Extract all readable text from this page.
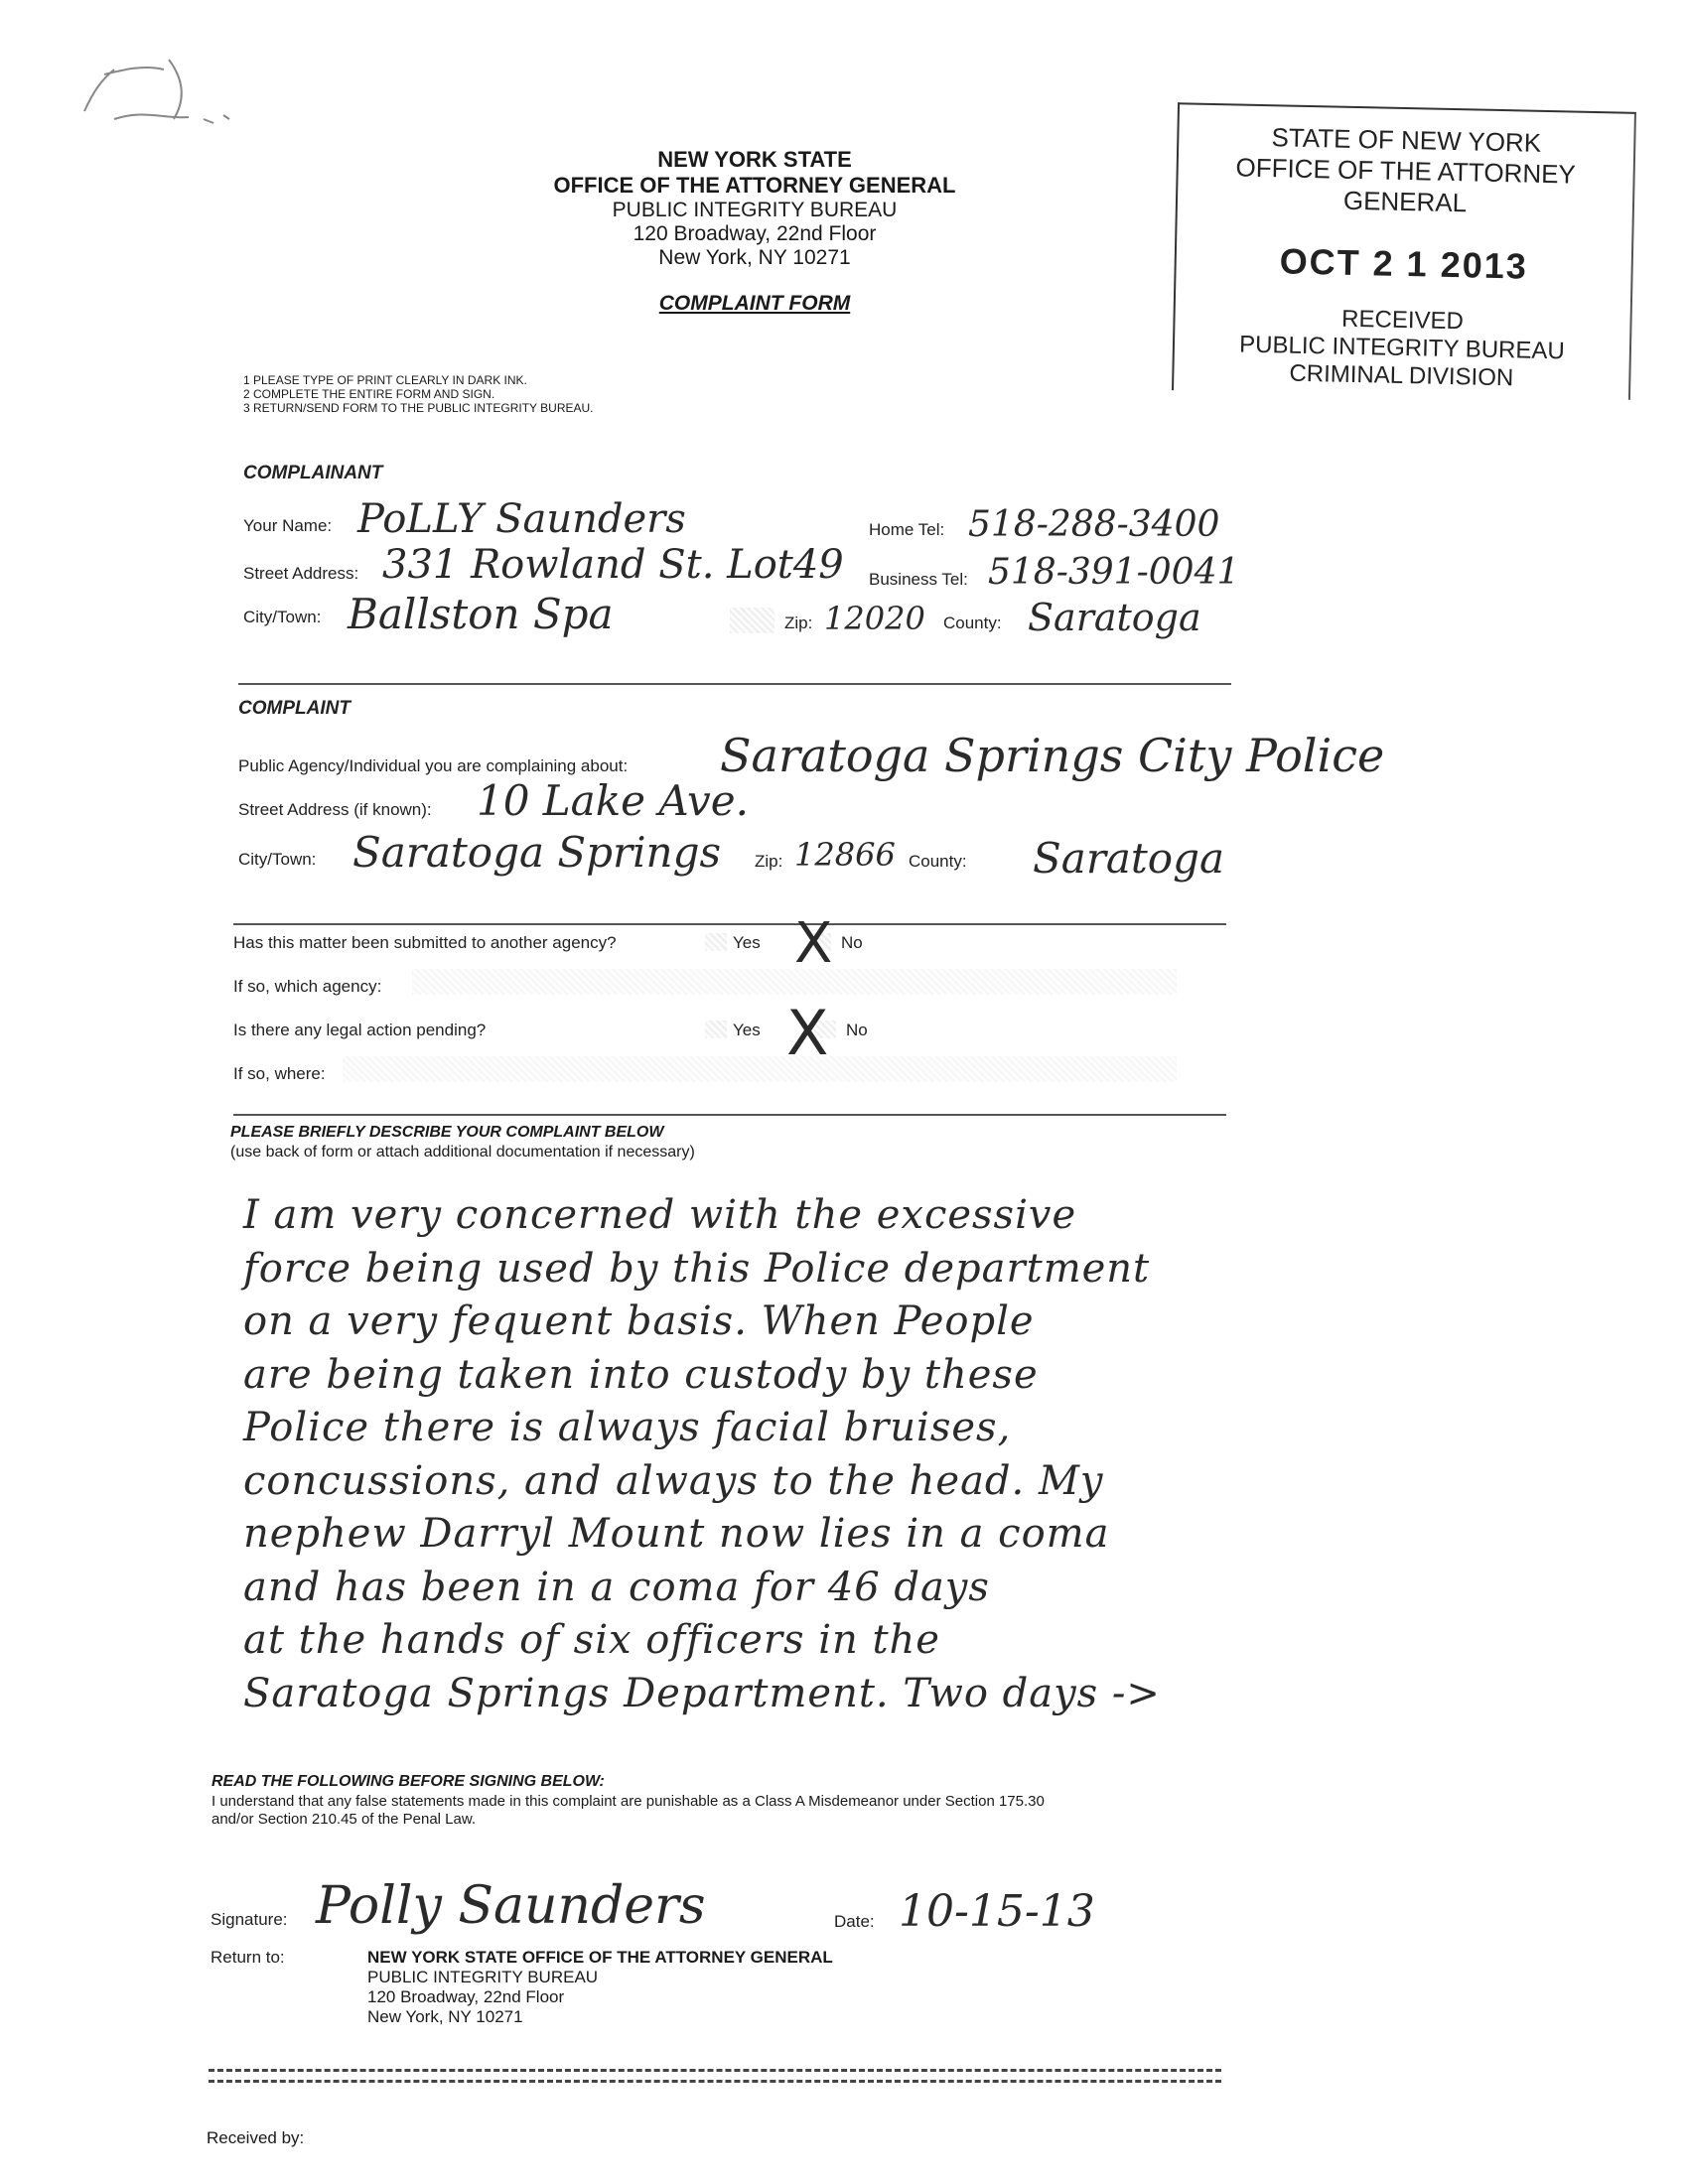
NEW YORK STATE
OFFICE OF THE ATTORNEY GENERAL
PUBLIC INTEGRITY BUREAU
120 Broadway, 22nd Floor
New York, NY 10271
COMPLAINT FORM
STATE OF NEW YORK
OFFICE OF THE ATTORNEY GENERAL
OCT 2 1 2013
RECEIVED
PUBLIC INTEGRITY BUREAU
CRIMINAL DIVISION
1 PLEASE TYPE OF PRINT CLEARLY IN DARK INK.
2 COMPLETE THE ENTIRE FORM AND SIGN.
3 RETURN/SEND FORM TO THE PUBLIC INTEGRITY BUREAU.
COMPLAINANT
Your Name: PoLLY Saunders	Home Tel: 518-288-3400
Street Address: 331 Rowland St. Lot49 Business Tel: 518-391-0041
City/Town: Ballston Spa	Zip: 12020 County: Saratoga
COMPLAINT
Public Agency/Individual you are complaining about: Saratoga Springs City Police
Street Address (if known): 10 Lake Ave.
City/Town: Saratoga Springs Zip: 12866 County: Saratoga
Has this matter been submitted to another agency?	Yes X No
If so, which agency:
Is there any legal action pending?	Yes X No
If so, where:
PLEASE BRIEFLY DESCRIBE YOUR COMPLAINT BELOW
(use back of form or attach additional documentation if necessary)
I am very concerned with the excessive
force being used by this Police department
on a very fequent basis. When People
are being taken into custody by these
Police there is always facial bruises,
concussions, and always to the head. My
nephew Darryl Mount now lies in a coma
and has been in a coma for 46 days
at the hands of six officers in the
Saratoga Springs Department. Two days ->
READ THE FOLLOWING BEFORE SIGNING BELOW:
I understand that any false statements made in this complaint are punishable as a Class A Misdemeanor under Section 175.30
and/or Section 210.45 of the Penal Law.
Signature: Polly Saunders	Date: 10-15-13
Return to:	NEW YORK STATE OFFICE OF THE ATTORNEY GENERAL
PUBLIC INTEGRITY BUREAU
120 Broadway, 22nd Floor
New York, NY 10271
Received by:
